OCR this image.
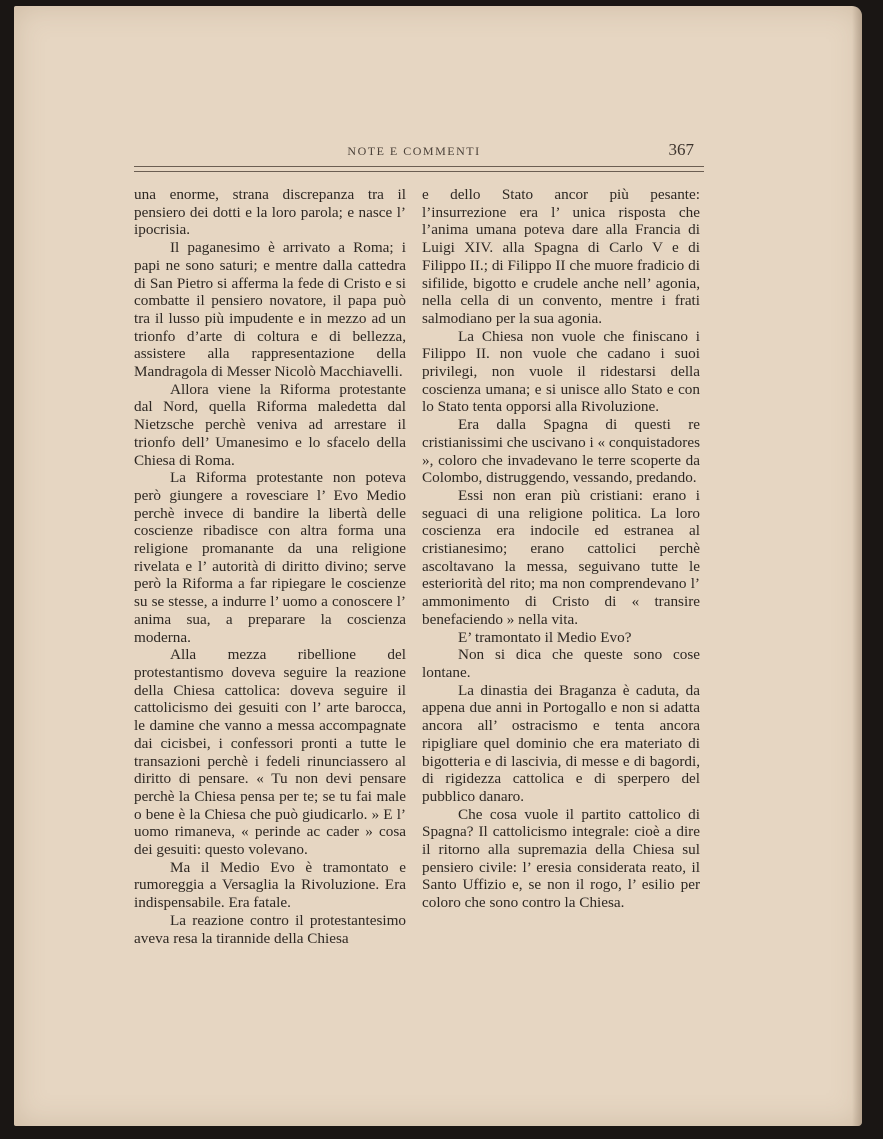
NOTE E COMMENTI	367

una enorme, strana discrepanza tra il pensiero dei dotti e la loro parola; e nasce l’ ipocrisia.

Il paganesimo è arrivato a Roma; i papi ne sono saturi; e mentre dalla cattedra di San Pietro si afferma la fede di Cristo e si combatte il pensiero novatore, il papa può tra il lusso più impudente e in mezzo ad un trionfo d’arte di coltura e di bellezza, assistere alla rappresentazione della Mandragola di Messer Nicolò Macchiavelli.

Allora viene la Riforma protestante dal Nord, quella Riforma maledetta dal Nietzsche perchè veniva ad arrestare il trionfo dell’ Umanesimo e lo sfacelo della Chiesa di Roma.

La Riforma protestante non poteva però giungere a rovesciare l’ Evo Medio perchè invece di bandire la libertà delle coscienze ribadisce con altra forma una religione promanante da una religione rivelata e l’ autorità di diritto divino; serve però la Riforma a far ripiegare le coscienze su se stesse, a indurre l’ uomo a conoscere l’ anima sua, a preparare la coscienza moderna.

Alla mezza ribellione del protestantismo doveva seguire la reazione della Chiesa cattolica: doveva seguire il cattolicismo dei gesuiti con l’ arte barocca, le damine che vanno a messa accompagnate dai cicisbei, i confessori pronti a tutte le transazioni perchè i fedeli rinunciassero al diritto di pensare. « Tu non devi pensare perchè la Chiesa pensa per te; se tu fai male o bene è la Chiesa che può giudicarlo. » E l’ uomo rimaneva, « perinde ac cader » cosa dei gesuiti: questo volevano.

Ma il Medio Evo è tramontato e rumoreggia a Versaglia la Rivoluzione. Era indispensabile. Era fatale.

La reazione contro il protestantesimo aveva resa la tirannide della Chiesa

e dello Stato ancor più pesante: l’insurrezione era l’ unica risposta che l’anima umana poteva dare alla Francia di Luigi XIV. alla Spagna di Carlo V e di Filippo II.; di Filippo II che muore fradicio di sifilide, bigotto e crudele anche nell’ agonia, nella cella di un convento, mentre i frati salmodiano per la sua agonia.

La Chiesa non vuole che finiscano i Filippo II. non vuole che cadano i suoi privilegi, non vuole il ridestarsi della coscienza umana; e si unisce allo Stato e con lo Stato tenta opporsi alla Rivoluzione.

Era dalla Spagna di questi re cristianissimi che uscivano i « conquistadores », coloro che invadevano le terre scoperte da Colombo, distruggendo, vessando, predando.

Essi non eran più cristiani: erano i seguaci di una religione politica. La loro coscienza era indocile ed estranea al cristianesimo; erano cattolici perchè ascoltavano la messa, seguivano tutte le esteriorità del rito; ma non comprendevano l’ ammonimento di Cristo di « transire benefaciendo » nella vita.

E’ tramontato il Medio Evo?

Non si dica che queste sono cose lontane.

La dinastia dei Braganza è caduta, da appena due anni in Portogallo e non si adatta ancora all’ ostracismo e tenta ancora ripigliare quel dominio che era materiato di bigotteria e di lascivia, di messe e di bagordi, di rigidezza cattolica e di sperpero del pubblico danaro.

Che cosa vuole il partito cattolico di Spagna? Il cattolicismo integrale: cioè a dire il ritorno alla supremazia della Chiesa sul pensiero civile: l’ eresia considerata reato, il Santo Uffizio e, se non il rogo, l’ esilio per coloro che sono contro la Chiesa.
